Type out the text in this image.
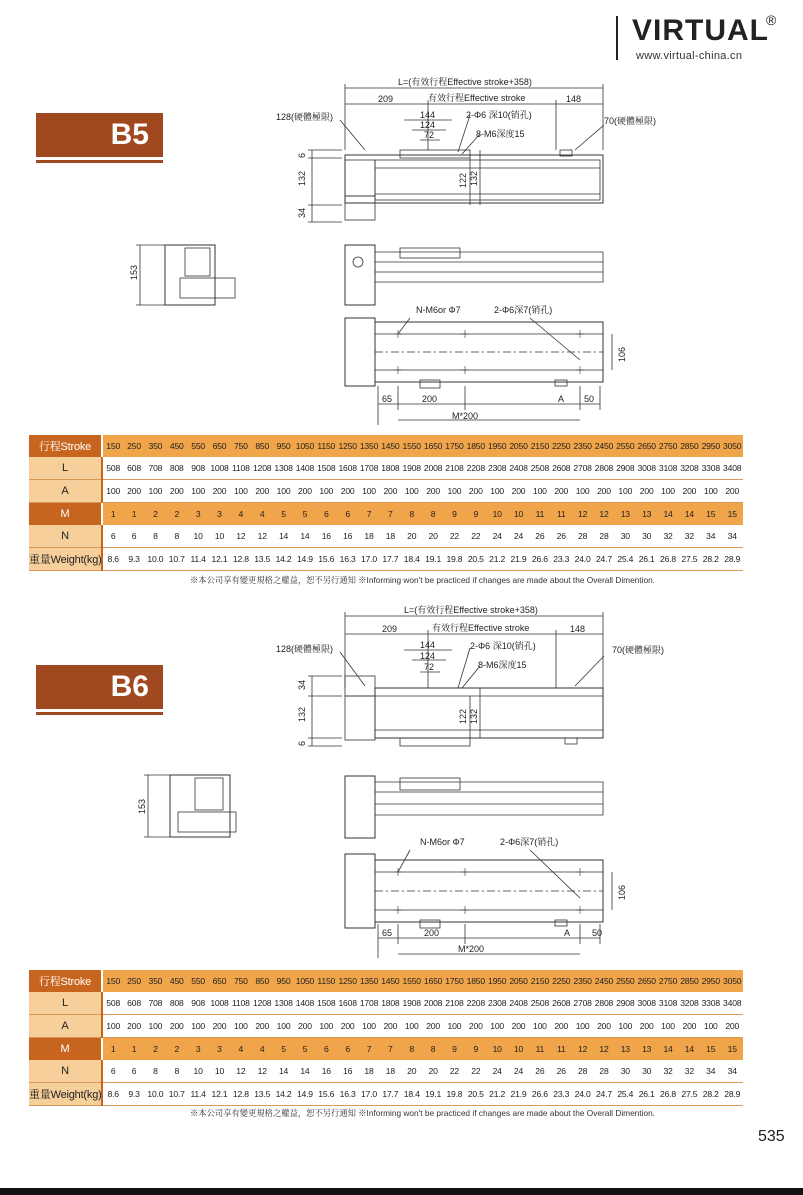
VIRTUAL
®
www.virtual-china.cn
B5
B6
L=(有效行程Effective stroke+358)
209	有效行程Effective stroke	148
128(硬體極限)	144
124
72
2-Φ6 深10(销孔)
8-M6深度15
70(硬體極限)
6
132
34
122 132
153
N-M6or Φ7	2-Φ6深7(销孔)
106
65	200	A 50
M*200
行程Stroke	150	250	350	450	550	650	750	850	950	1050	1150	1250	1350	1450	1550	1650	1750	1850	1950	2050	2150	2250	2350	2450	2550	2650	2750	2850	2950	3050
L	508	608	708	808	908	1008	1108	1208	1308	1408	1508	1608	1708	1808	1908	2008	2108	2208	2308	2408	2508	2608	2708	2808	2908	3008	3108	3208	3308	3408
A	100	200	100	200	100	200	100	200	100	200	100	200	100	200	100	200	100	200	100	200	100	200	100	200	100	200	100	200	100	200
M	1	1	2	2	3	3	4	4	5	5	6	6	7	7	8	8	9	9	10	10	11	11	12	12	13	13	14	14	15	15
N	6	6	8	8	10	10	12	12	14	14	16	16	18	18	20	20	22	22	24	24	26	26	28	28	30	30	32	32	34	34
重量Weight(kg)	8.6	9.3	10.0	10.7	11.4	12.1	12.8	13.5	14.2	14.9	15.6	16.3	17.0	17.7	18.4	19.1	19.8	20.5	21.2	21.9	26.6	23.3	24.0	24.7	25.4	26.1	26.8	27.5	28.2	28.9
※本公司享有變更規格之權益，恕不另行通知 ※Informing won't be practiced if changes are made about the Overall Dimention.
L=(有效行程Effective stroke+358)
209	有效行程Effective stroke	148
128(硬體極限)	144
124
72
2-Φ6 深10(销孔)
8-M6深度15
70(硬體極限)
34
132
6
122 132
153
N-M6or Φ7	2-Φ6深7(销孔)
106
65	200	A 50
M*200
行程Stroke	150	250	350	450	550	650	750	850	950	1050	1150	1250	1350	1450	1550	1650	1750	1850	1950	2050	2150	2250	2350	2450	2550	2650	2750	2850	2950	3050
L	508	608	708	808	908	1008	1108	1208	1308	1408	1508	1608	1708	1808	1908	2008	2108	2208	2308	2408	2508	2608	2708	2808	2908	3008	3108	3208	3308	3408
A	100	200	100	200	100	200	100	200	100	200	100	200	100	200	100	200	100	200	100	200	100	200	100	200	100	200	100	200	100	200
M	1	1	2	2	3	3	4	4	5	5	6	6	7	7	8	8	9	9	10	10	11	11	12	12	13	13	14	14	15	15
N	6	6	8	8	10	10	12	12	14	14	16	16	18	18	20	20	22	22	24	24	26	26	28	28	30	30	32	32	34	34
重量Weight(kg)	8.6	9.3	10.0	10.7	11.4	12.1	12.8	13.5	14.2	14.9	15.6	16.3	17.0	17.7	18.4	19.1	19.8	20.5	21.2	21.9	26.6	23.3	24.0	24.7	25.4	26.1	26.8	27.5	28.2	28.9
※本公司享有變更規格之權益，恕不另行通知 ※Informing won't be practiced if changes are made about the Overall Dimention.
535
